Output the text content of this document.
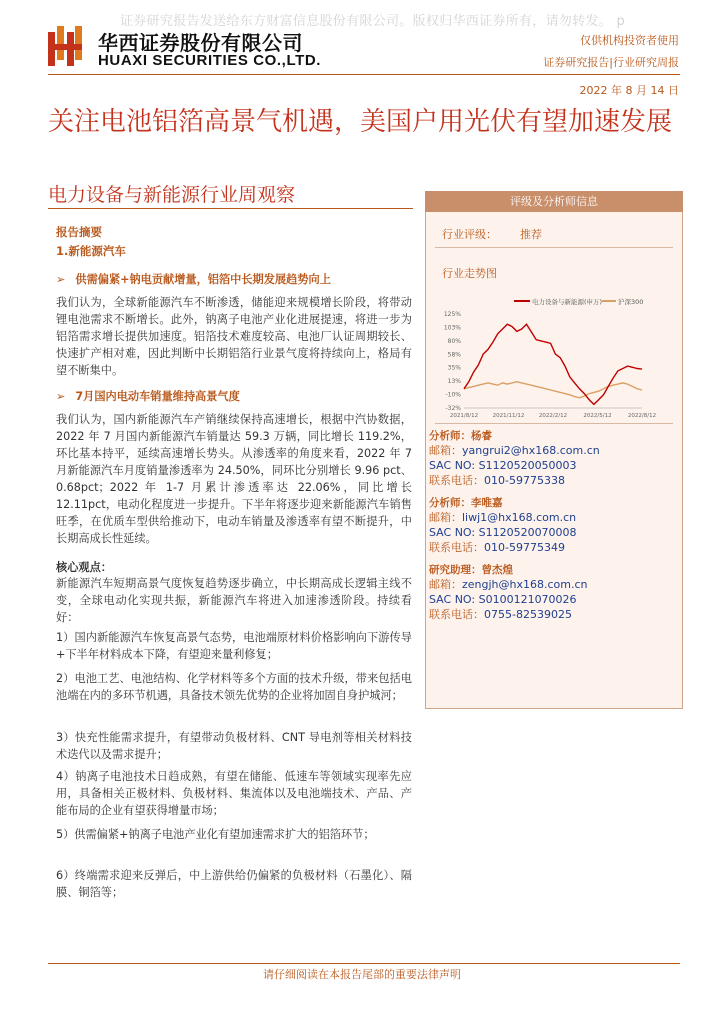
证券研究报告发送给东方财富信息股份有限公司。版权归华西证券所有，请勿转发。 p
华西证券股份有限公司
HUAXI SECURITIES CO.,LTD.
仅供机构投资者使用
证券研究报告|行业研究周报
2022 年 8 月 14 日
关注电池铝箔高景气机遇，美国户用光伏有望加速发展
电力设备与新能源行业周观察
报告摘要
1.新能源汽车
➢ 供需偏紧+钠电贡献增量，铝箔中长期发展趋势向上
我们认为，全球新能源汽车不断渗透，储能迎来规模增长阶段，将带动锂电池需求不断增长。此外，钠离子电池产业化进展提速，将进一步为铝箔需求增长提供加速度。铝箔技术难度较高、电池厂认证周期较长、快速扩产相对难，因此判断中长期铝箔行业景气度将持续向上，格局有望不断集中。
➢ 7月国内电动车销量维持高景气度
我们认为，国内新能源汽车产销继续保持高速增长，根据中汽协数据，2022 年 7 月国内新能源汽车销量达 59.3 万辆，同比增长 119.2%，环比基本持平，延续高速增长势头。从渗透率的角度来看，2022 年 7 月新能源汽车月度销量渗透率为 24.50%，同环比分别增长 9.96 pct、0.68pct；2022 年 1-7 月累计渗透率达 22.06%，同比增长 12.11pct，电动化程度进一步提升。下半年将逐步迎来新能源汽车销售旺季，在优质车型供给推动下，电动车销量及渗透率有望不断提升，中长期高成长性延续。
核心观点：
新能源汽车短期高景气度恢复趋势逐步确立，中长期高成长逻辑主线不变，全球电动化实现共振，新能源汽车将进入加速渗透阶段。持续看好：
1）国内新能源汽车恢复高景气态势，电池端原材料价格影响向下游传导+下半年材料成本下降，有望迎来量利修复；
2）电池工艺、电池结构、化学材料等多个方面的技术升级，带来包括电池端在内的多环节机遇，具备技术领先优势的企业将加固自身护城河；
3）快充性能需求提升，有望带动负极材料、CNT 导电剂等相关材料技术迭代以及需求提升；
4）钠离子电池技术日趋成熟，有望在储能、低速车等领域实现率先应用，具备相关正极材料、负极材料、集流体以及电池端技术、产品、产能布局的企业有望获得增量市场；
5）供需偏紧+钠离子电池产业化有望加速需求扩大的铝箔环节；
6）终端需求迎来反弹后，中上游供给仍偏紧的负极材料（石墨化）、隔膜、铜箔等；
评级及分析师信息
行业评级： 推荐
行业走势图
电力设备与新能源(申万) 沪深300
125%
103%
80%
58%
35%
13%
-10%
-32%
2021/8/12	2021/11/12	2022/2/12	2022/5/12	2022/8/12
分析师：杨睿
邮箱：yangrui2@hx168.com.cn
SAC NO: S1120520050003
联系电话：010-59775338
分析师：李唯嘉
邮箱：liwj1@hx168.com.cn
SAC NO: S1120520070008
联系电话：010-59775349
研究助理：曾杰煌
邮箱：zengjh@hx168.com.cn
SAC NO: S0100121070026
联系电话：0755-82539025
请仔细阅读在本报告尾部的重要法律声明
